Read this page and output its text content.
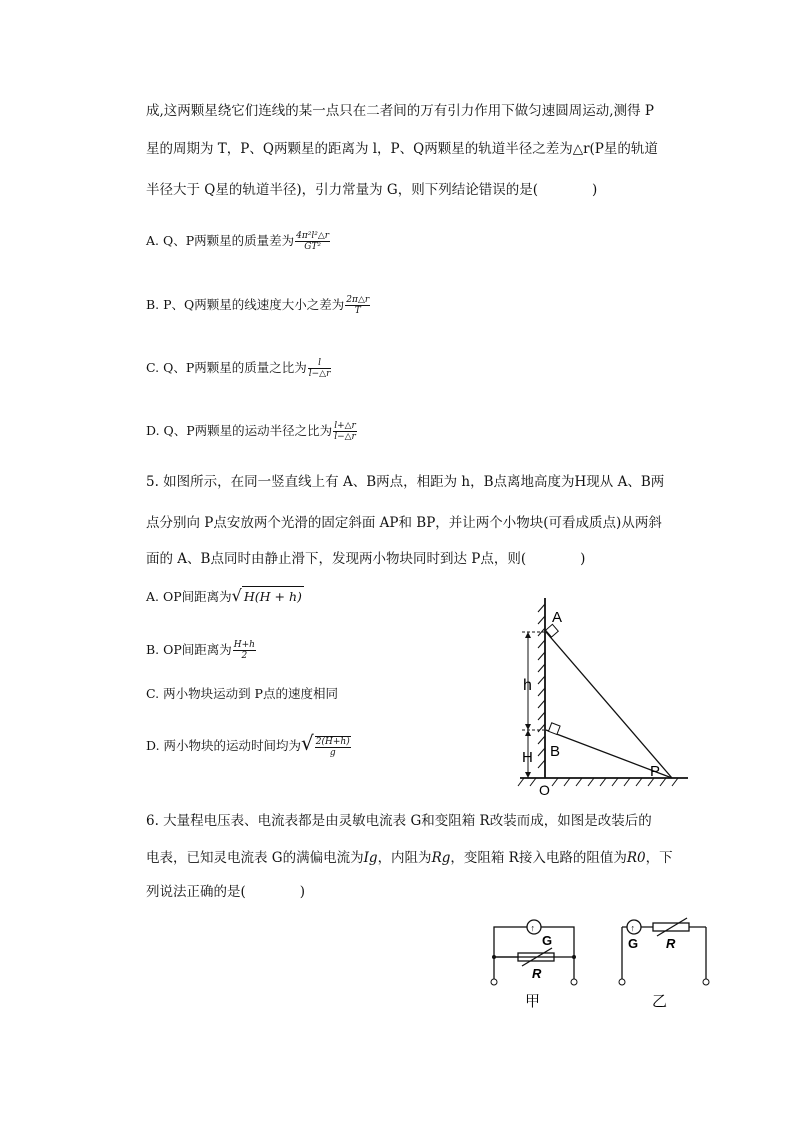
成,这两颗星绕它们连线的某一点只在二者间的万有引力作用下做匀速圆周运动,测得 P
星的周期为 T，P、Q两颗星的距离为 l，P、Q两颗星的轨道半径之差为△r(P星的轨道
半径大于 Q星的轨道半径)，引力常量为 G，则下列结论错误的是(　　　　)
A. Q、P两颗星的质量差为 $\frac{\text{4π²l²△r}}{\text{GT²}}$
B. P、Q两颗星的线速度大小之差为 $\frac{2\pi\triangle r}{T}$
C. Q、P两颗星的质量之比为 $\frac{l}{l-\triangle r}$
D. Q、P两颗星的运动半径之比为 $\frac{l+\triangle r}{l-\triangle r}$
5. 如图所示，在同一竖直线上有 A、B两点，相距为 h，B点离地高度为H现从 A、B两
点分别向 P点安放两个光滑的固定斜面 AP和 BP，并让两个小物块(可看成质点)从两斜
面的 A、B点同时由静止滑下，发现两小物块同时到达 P点，则(　　　　)
A. OP间距离为√ H(H + h)
B. OP间距离为 $\frac{H+h}{2}$
C. 两小物块运动到 P点的速度相同
D. 两小物块的运动时间均为√ $\frac{2(H+h)}{g}$
A
B
P
O
h
H
6. 大量程电压表、电流表都是由灵敏电流表 G和变阻箱 R改装而成，如图是改装后的
电表，已知灵电流表 G的满偏电流为Ig，内阻为Rg，变阻箱 R接入电路的阻值为R0，下
列说法正确的是(　　　　)
↑
G
R
甲
↑
G R
乙
